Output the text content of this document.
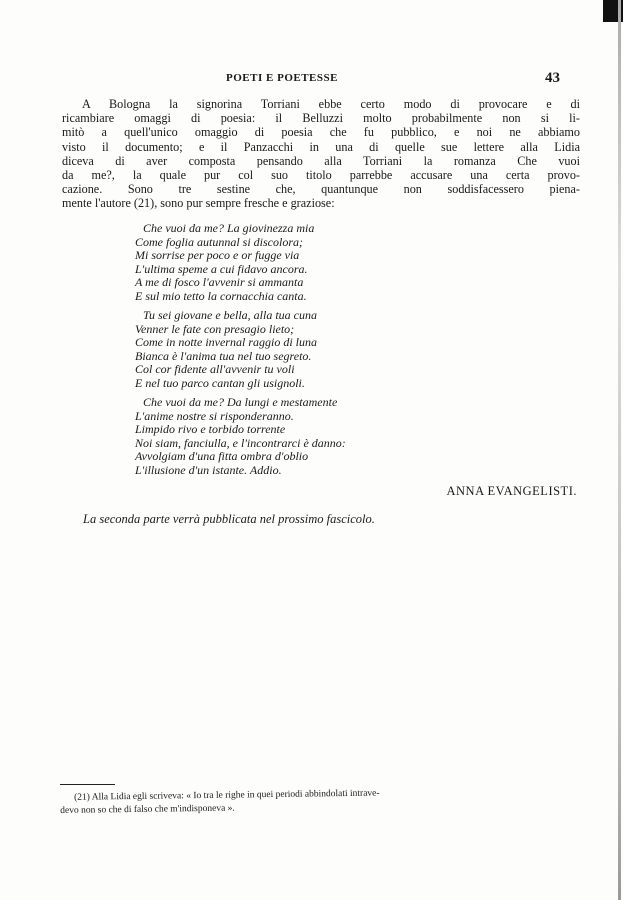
POETI E POETESSE	43
A Bologna la signorina Torriani ebbe certo modo di provocare e di
ricambiare omaggi di poesia: il Belluzzi molto probabilmente non si li-
mitò a quell'unico omaggio di poesia che fu pubblico, e noi ne abbiamo
visto il documento; e il Panzacchi in una di quelle sue lettere alla Lidia
diceva di aver composta pensando alla Torriani la romanza Che vuoi
da me?, la quale pur col suo titolo parrebbe accusare una certa provo-
cazione. Sono tre sestine che, quantunque non soddisfacessero piena-
mente l'autore (21), sono pur sempre fresche e graziose:
Che vuoi da me? La giovinezza mia
Come foglia autunnal si discolora;
Mi sorrise per poco e or fugge via
L'ultima speme a cui fidavo ancora.
A me di fosco l'avvenir si ammanta
E sul mio tetto la cornacchia canta.
Tu sei giovane e bella, alla tua cuna
Venner le fate con presagio lieto;
Come in notte invernal raggio di luna
Bianca è l'anima tua nel tuo segreto.
Col cor fidente all'avvenir tu voli
E nel tuo parco cantan gli usignoli.
Che vuoi da me? Da lungi e mestamente
L'anime nostre si risponderanno.
Limpido rivo e torbido torrente
Noi siam, fanciulla, e l'incontrarci è danno:
Avvolgiam d'una fitta ombra d'oblio
L'illusione d'un istante. Addio.
ANNA EVANGELISTI.
La seconda parte verrà pubblicata nel prossimo fascicolo.
(21) Alla Lidia egli scriveva: « Io tra le righe in quei periodi abbindolati intrave-
devo non so che di falso che m'indisponeva ».
